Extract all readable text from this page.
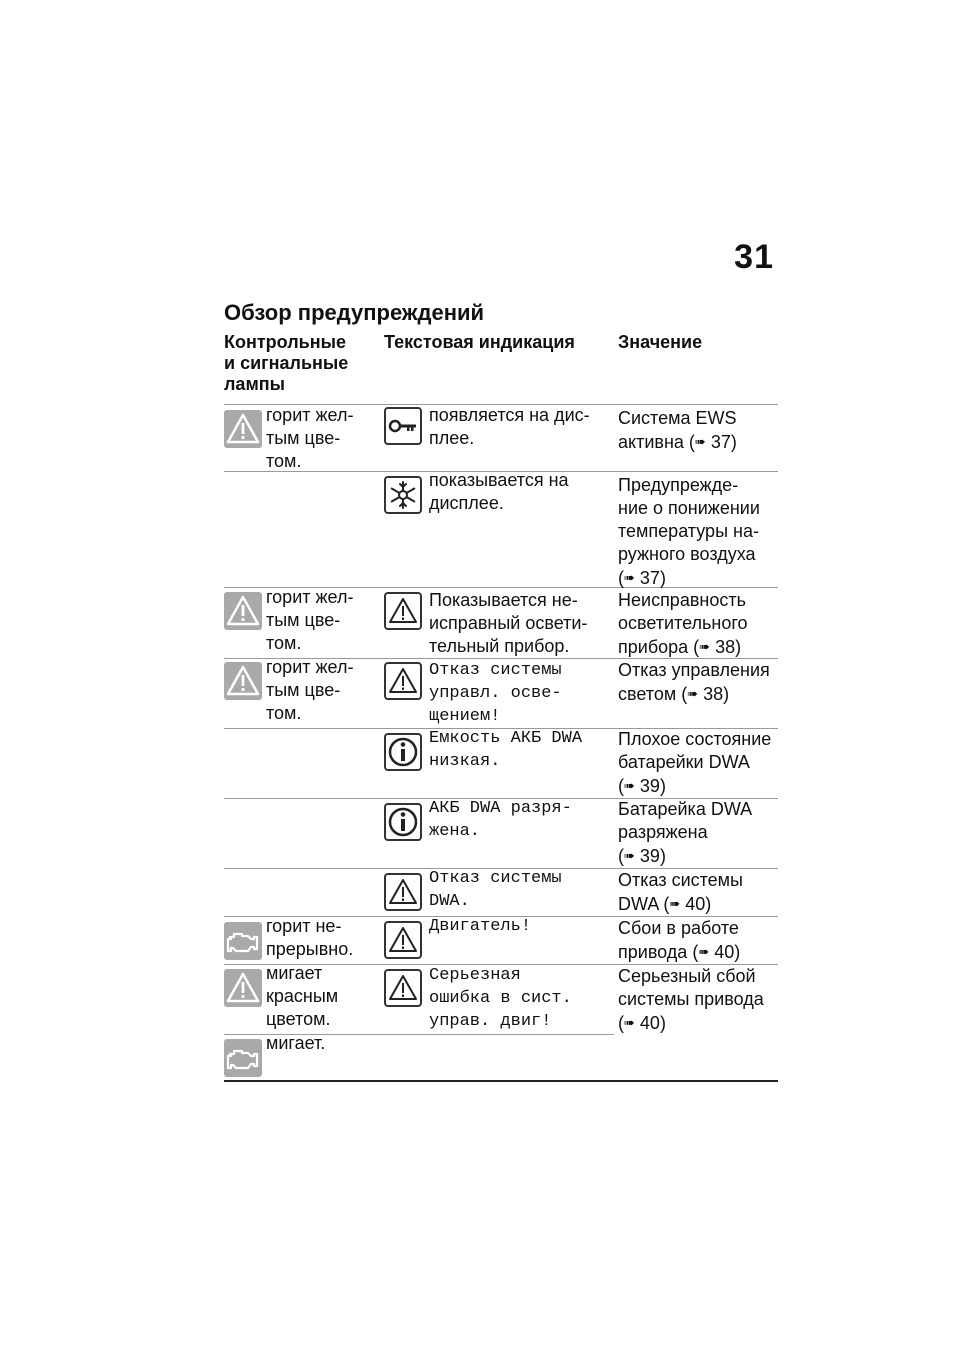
31
Обзор предупреждений
Контрольные
и сигнальные
лампы
Текстовая индикация Значение
горит жел-
тым цве-
том.
появляется на дис-
плее.
Система EWS
активна (➠ 37)
показывается на
дисплее.
Предупрежде-
ние о понижении
температуры на-
ружного воздуха
(➠ 37)
горит жел-
тым цве-
том.
Показывается не-
исправный освети-
тельный прибор.
Неисправность
осветительного
прибора (➠ 38)
горит жел-
тым цве-
том.
Отказ системы
управл. осве-
щением!
Отказ управления
светом (➠ 38)
Емкость АКБ DWA
низкая.
Плохое состояние
батарейки DWA
(➠ 39)
АКБ DWA разря-
жена.
Батарейка DWA
разряжена
(➠ 39)
Отказ системы
DWA.
Отказ системы
DWA (➠ 40)
горит не-
прерывно.
Двигатель!	Сбои в работе
привода (➠ 40)
мигает
красным
цветом.
Серьезная
ошибка в сист.
управ. двиг!
Серьезный сбой
системы привода
(➠ 40)
мигает.
